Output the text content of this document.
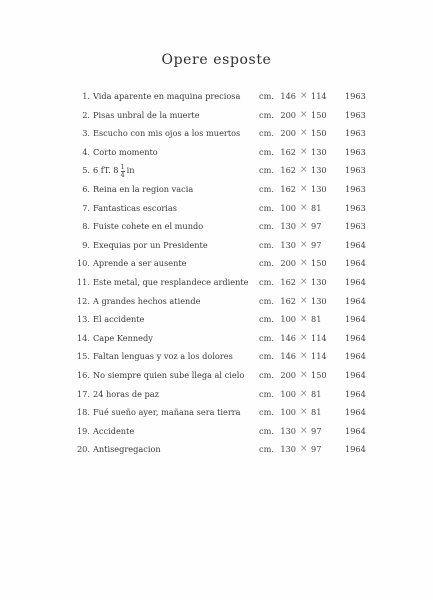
Opere esposte
1. Vida aparente en maquina preciosa cm. 146 × 114 1963
2. Pisas unbral de la muerte	cm. 200 × 150 1963
3. Escucho con mis ojos a los muertos cm. 200 × 150 1963
4. Corto momento	cm. 162 × 130 1963
5. 6 fT. $8 \frac{1}{4}$ in	cm. 162 × 130 1963
6. Reina en la region vacia	cm. 162 × 130 1963
7. Fantasticas escorias	cm. 100 × 81	1963
8. Fuiste cohete en el mundo	cm. 130 × 97	1963
9. Exequias por un Presidente	cm. 130 × 97	1964
10. Aprende a ser ausente	cm. 200 × 150 1964
11. Este metal, que resplandece ardiente cm. 162 × 130 1964
12. A grandes hechos atiende	cm. 162 × 130 1964
13. El accidente	cm. 100 × 81	1964
14. Cape Kennedy	cm. 146 × 114 1964
15. Faltan lenguas y voz a los dolores	cm. 146 × 114 1964
16. No siempre quien sube llega al cielo cm. 200 × 150 1964
17. 24 horas de paz	cm. 100 × 81	1964
18. Fué sueño ayer, mañana sera tierra cm. 100 × 81	1964
19. Accidente	cm. 130 × 97	1964
20. Antisegregacion	cm. 130 × 97	1964
